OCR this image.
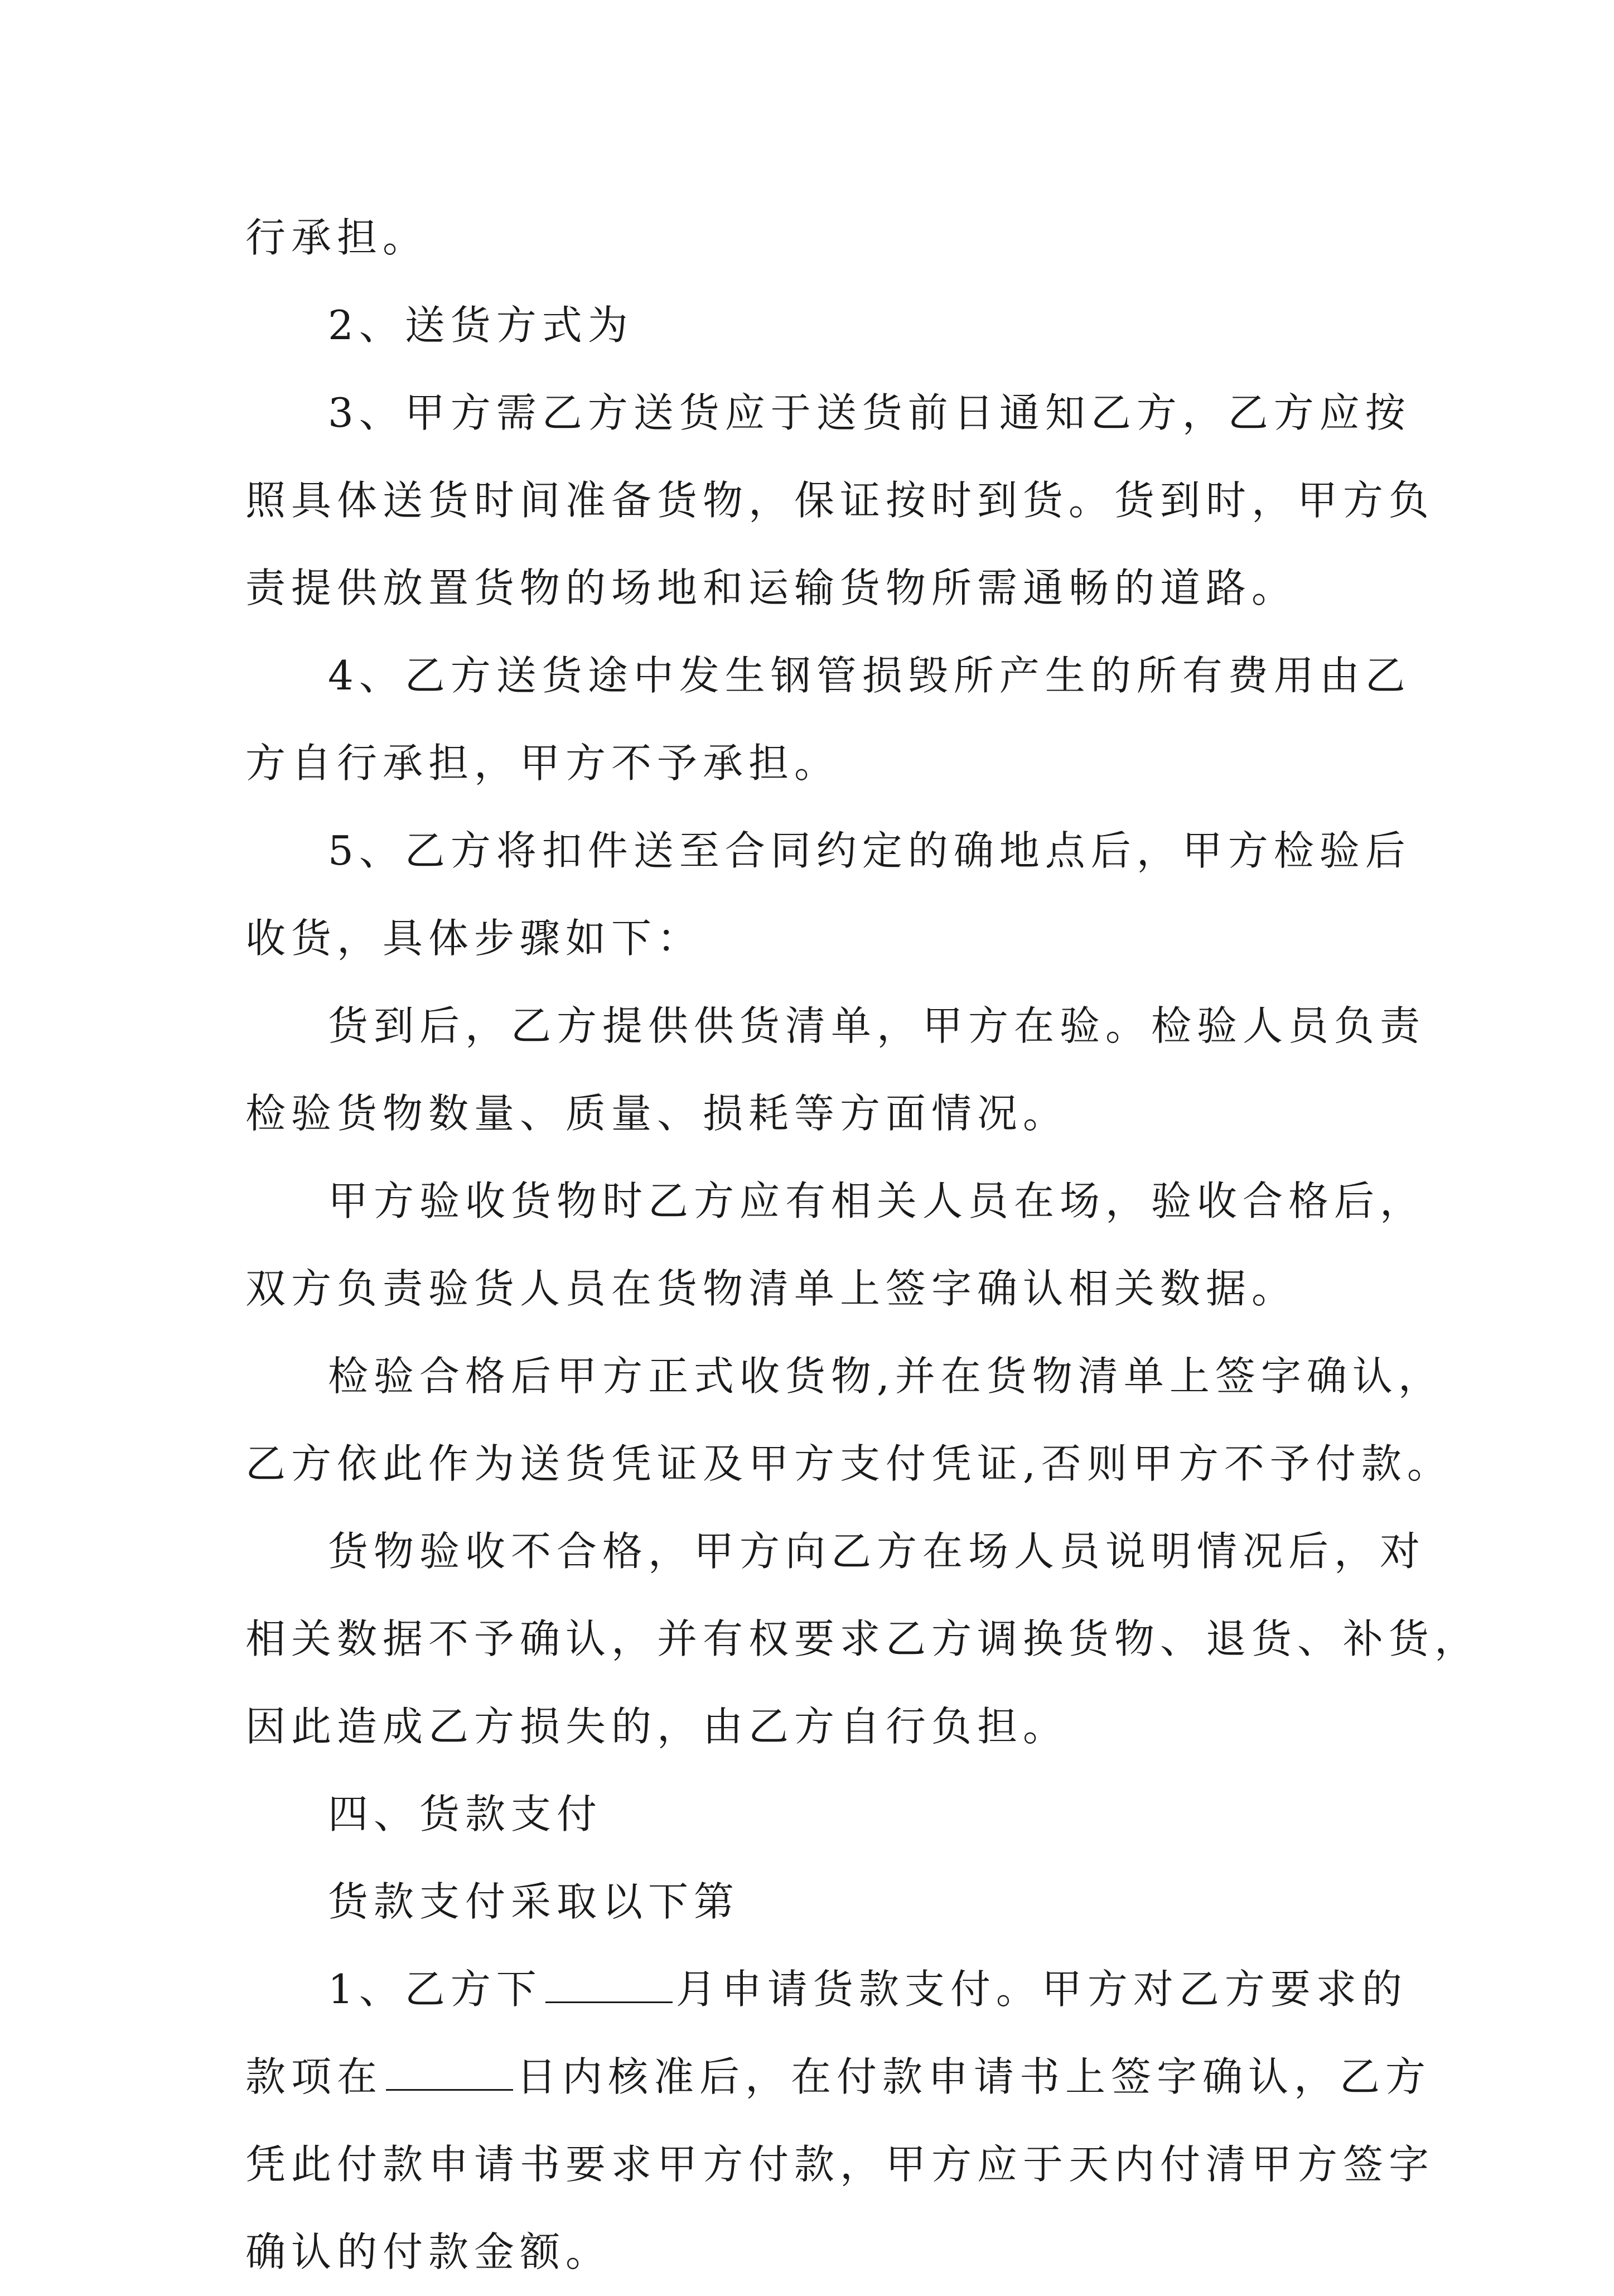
行承担。
2、送货方式为
3、甲方需乙方送货应于送货前日通知乙方，乙方应按
照具体送货时间准备货物，保证按时到货。货到时，甲方负
责提供放置货物的场地和运输货物所需通畅的道路。
4、乙方送货途中发生钢管损毁所产生的所有费用由乙
方自行承担，甲方不予承担。
5、乙方将扣件送至合同约定的确地点后，甲方检验后
收货，具体步骤如下：
货到后，乙方提供供货清单，甲方在验。检验人员负责
检验货物数量、质量、损耗等方面情况。
甲方验收货物时乙方应有相关人员在场，验收合格后，
双方负责验货人员在货物清单上签字确认相关数据。
检验合格后甲方正式收货物,并在货物清单上签字确认，
乙方依此作为送货凭证及甲方支付凭证,否则甲方不予付款。
货物验收不合格，甲方向乙方在场人员说明情况后，对
相关数据不予确认，并有权要求乙方调换货物、退货、补货，
因此造成乙方损失的，由乙方自行负担。
四、货款支付
货款支付采取以下第
1、乙方下	月申请货款支付。甲方对乙方要求的
款项在	日内核准后，在付款申请书上签字确认，乙方
凭此付款申请书要求甲方付款，甲方应于天内付清甲方签字
确认的付款金额。
